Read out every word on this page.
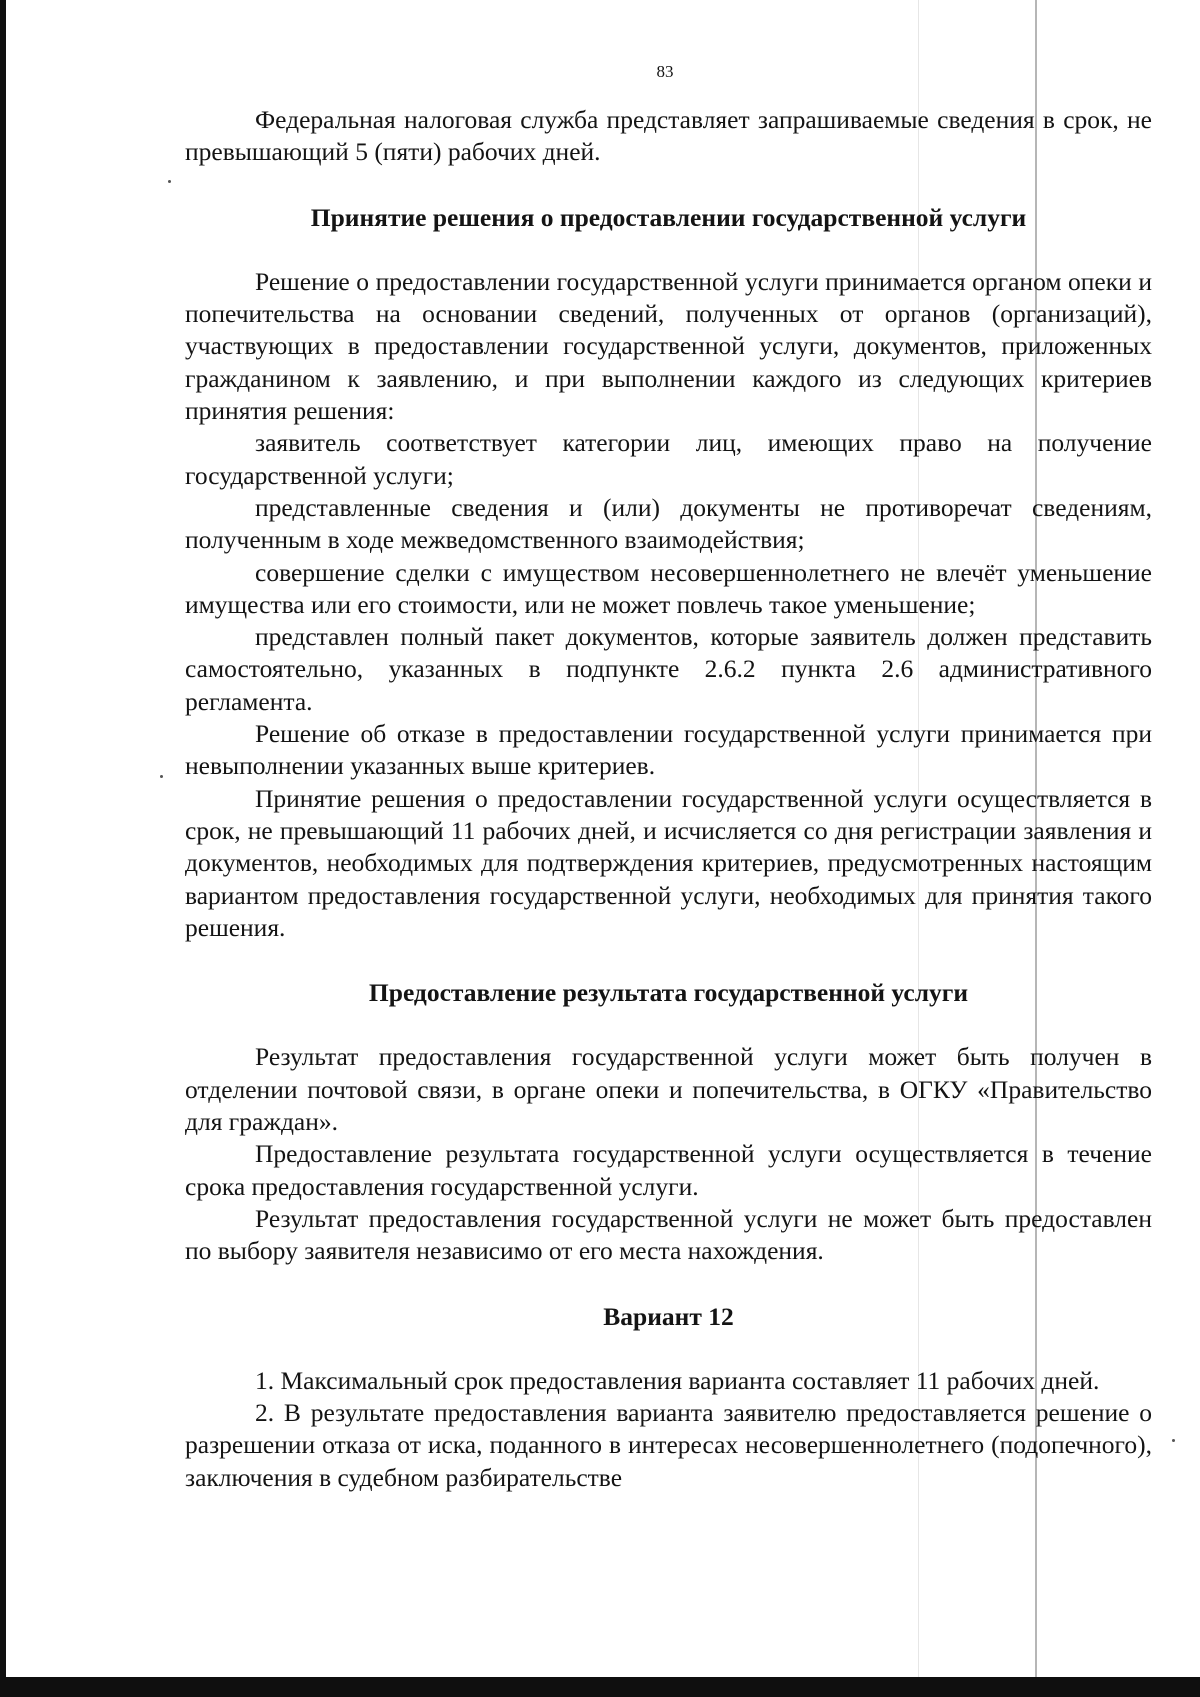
83

Федеральная налоговая служба представляет запрашиваемые сведения в срок, не превышающий 5 (пяти) рабочих дней.

Принятие решения о предоставлении государственной услуги

Решение о предоставлении государственной услуги принимается органом опеки и попечительства на основании сведений, полученных от органов (организаций), участвующих в предоставлении государственной услуги, документов, приложенных гражданином к заявлению, и при выполнении каждого из следующих критериев принятия решения:

заявитель соответствует категории лиц, имеющих право на получение государственной услуги;

представленные сведения и (или) документы не противоречат сведениям, полученным в ходе межведомственного взаимодействия;

совершение сделки с имуществом несовершеннолетнего не влечёт уменьшение имущества или его стоимости, или не может повлечь такое уменьшение;

представлен полный пакет документов, которые заявитель должен представить самостоятельно, указанных в подпункте 2.6.2 пункта 2.6 административного регламента.

Решение об отказе в предоставлении государственной услуги принимается при невыполнении указанных выше критериев.

Принятие решения о предоставлении государственной услуги осуществляется в срок, не превышающий 11 рабочих дней, и исчисляется со дня регистрации заявления и документов, необходимых для подтверждения критериев, предусмотренных настоящим вариантом предоставления государственной услуги, необходимых для принятия такого решения.

Предоставление результата государственной услуги

Результат предоставления государственной услуги может быть получен в отделении почтовой связи, в органе опеки и попечительства, в ОГКУ «Правительство для граждан».

Предоставление результата государственной услуги осуществляется в течение срока предоставления государственной услуги.

Результат предоставления государственной услуги не может быть предоставлен по выбору заявителя независимо от его места нахождения.

Вариант 12

1. Максимальный срок предоставления варианта составляет 11 рабочих дней.

2. В результате предоставления варианта заявителю предоставляется решение о разрешении отказа от иска, поданного в интересах несовершеннолетнего (подопечного), заключения в судебном разбирательстве
